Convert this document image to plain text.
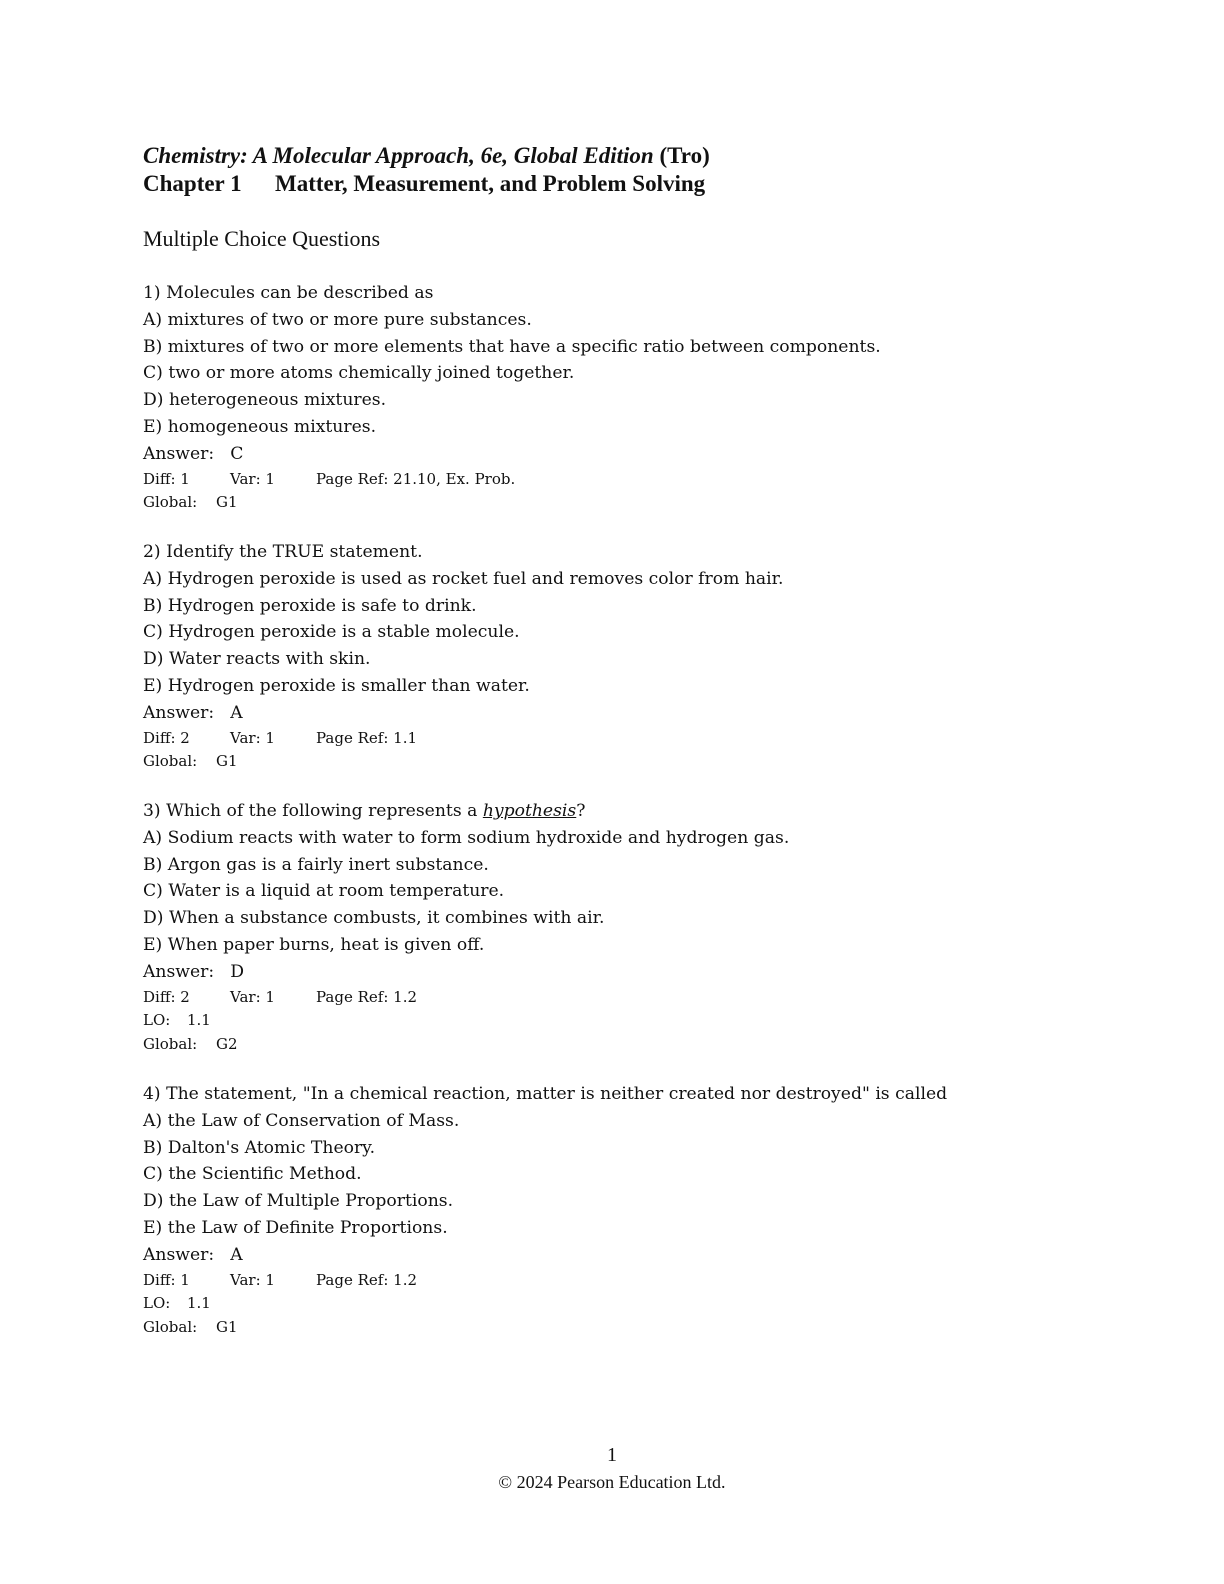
Chemistry: A Molecular Approach, 6e, Global Edition (Tro)
Chapter 1 Matter, Measurement, and Problem Solving
Multiple Choice Questions
1) Molecules can be described as
A) mixtures of two or more pure substances.
B) mixtures of two or more elements that have a specific ratio between components.
C) two or more atoms chemically joined together.
D) heterogeneous mixtures.
E) homogeneous mixtures.
Answer: C
Diff: 1	Var: 1	Page Ref: 21.10, Ex. Prob.
Global: G1
2) Identify the TRUE statement.
A) Hydrogen peroxide is used as rocket fuel and removes color from hair.
B) Hydrogen peroxide is safe to drink.
C) Hydrogen peroxide is a stable molecule.
D) Water reacts with skin.
E) Hydrogen peroxide is smaller than water.
Answer: A
Diff: 2	Var: 1	Page Ref: 1.1
Global: G1
3) Which of the following represents a hypothesis?
A) Sodium reacts with water to form sodium hydroxide and hydrogen gas.
B) Argon gas is a fairly inert substance.
C) Water is a liquid at room temperature.
D) When a substance combusts, it combines with air.
E) When paper burns, heat is given off.
Answer: D
Diff: 2	Var: 1	Page Ref: 1.2
LO: 1.1
Global: G2
4) The statement, "In a chemical reaction, matter is neither created nor destroyed" is called
A) the Law of Conservation of Mass.
B) Dalton's Atomic Theory.
C) the Scientific Method.
D) the Law of Multiple Proportions.
E) the Law of Definite Proportions.
Answer: A
Diff: 1	Var: 1	Page Ref: 1.2
LO: 1.1
Global: G1
1
© 2024 Pearson Education Ltd.
